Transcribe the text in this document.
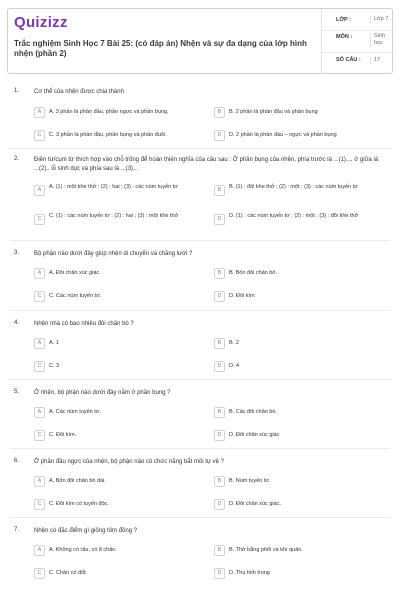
Quizizz
Trắc nghiệm Sinh Học 7 Bài 25: (có đáp án) Nhện và sự đa dạng của lớp hình nhện (phần 2)
LỚP :	Lớp 7
MÔN :	Sinh học
SỐ CÂU :	17
1. Cơ thể của nhện được chia thành
A	A. 3 phần là phần đầu, phần ngực và phần bụng.	B	B. 2 phần là phần đầu và phần bụng
C	C. 3 phần là phần đầu, phần bụng và phần đuôi.	D	D. 2 phần là phần đầu – ngực và phần bụng
2. Điền từ/cụm từ thích hợp vào chỗ trống để hoàn thiện nghĩa của câu sau : Ở phần bụng của nhện, phía trước là ...(1)..., ở giữa là ...(2).. lỗ sinh dục và phía sau là ...(3)...
A	A. (1) : một khe thở ; (2) : hai ; (3) : các núm tuyến tơ	B	B. (1) : đôi khe thở ; (2) : một ; (3) : các núm tuyến tơ
C	C. (1) : các núm tuyến tơ ; (2) : hai ; (3) : một khe thở	D	D. (1) : các núm tuyến tơ ; (2) : một ; (3) : đôi khe thở
3. Bộ phận nào dưới đây giúp nhện di chuyển và chăng lưới ?
A	A. Đôi chân xúc giác.	B	B. Bốn đôi chân bò.
C	C. Các núm tuyến tơ.	D	D. Đôi kìm
4. Nhện nhà có bao nhiêu đôi chân bò ?
A	A. 1	B	B. 2
C	C. 3	D	D. 4
5. Ở nhện, bộ phận nào dưới đây nằm ở phần bụng ?
A	A. Các núm tuyến tơ.	B	B. Các đôi chân bò.
C	C. Đôi kìm.	D	D. Đôi chân xúc giác
6. Ở phần đầu ngực của nhện, bộ phận nào có chức năng bắt mồi tự vệ ?
A	A. Bốn đôi chân bò dài.	B	B. Núm tuyến tơ.
C	C. Đôi kìm có tuyến độc.	D	D. Đôi chân xúc giác.
7. Nhện có đặc điểm gì giống tôm đồng ?
A	A. Không có râu, có 8 chân.	B	B. Thở bằng phổi và khí quản.
C	C. Chân có đốt.	D	D. Thụ tinh trong
